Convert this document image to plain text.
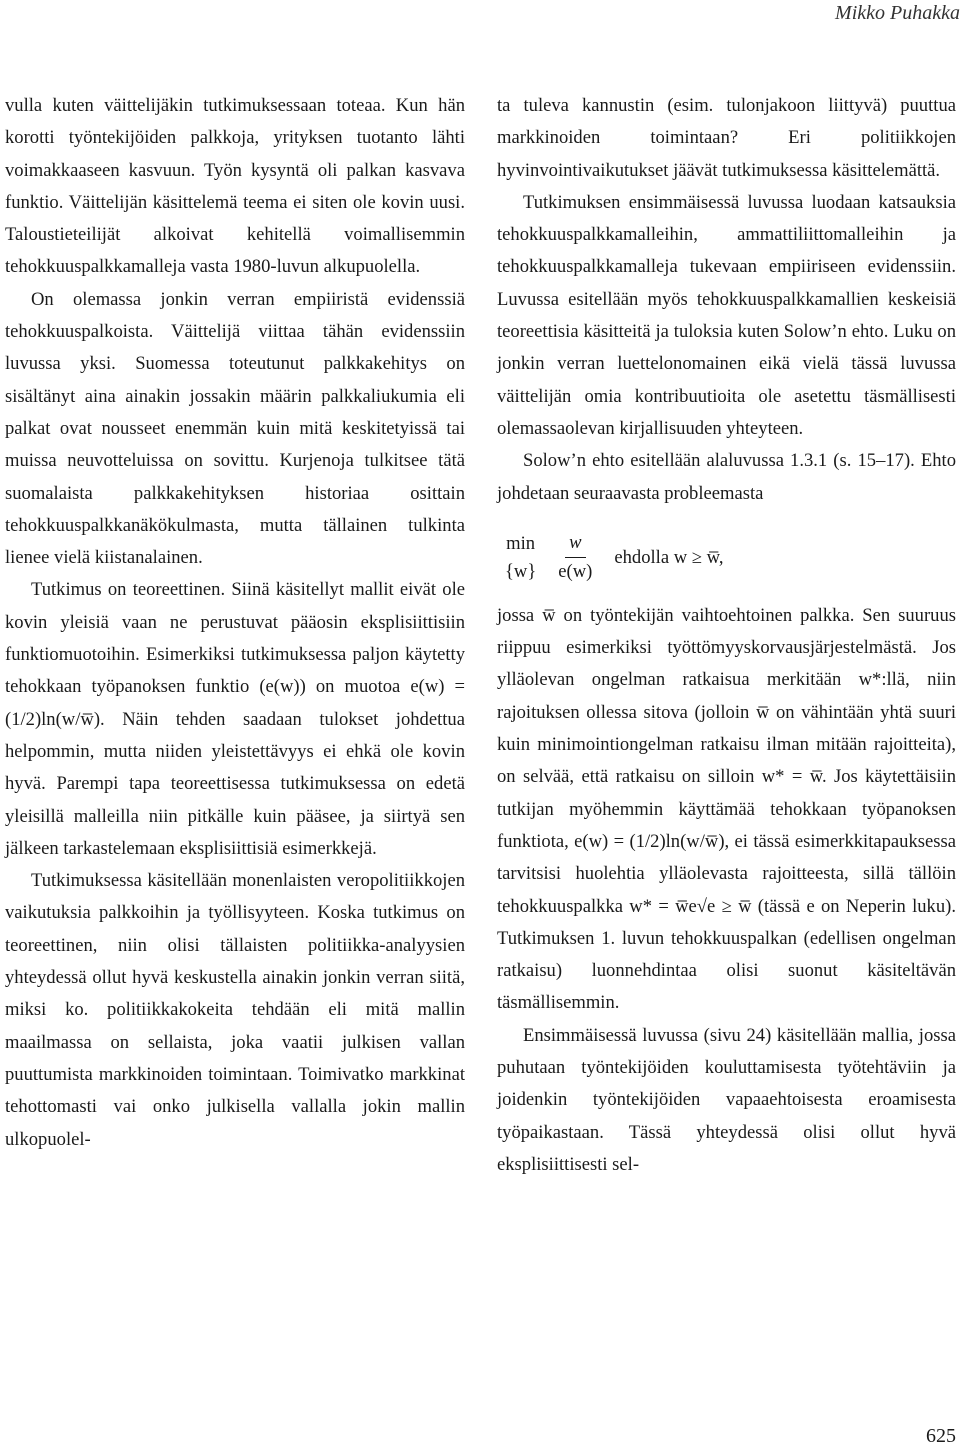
Mikko Puhakka

vulla kuten väittelijäkin tutkimuksessaan toteaa. Kun hän korotti työntekijöiden palkkoja, yrityksen tuotanto lähti voimakkaaseen kasvuun. Työn kysyntä oli palkan kasvava funktio. Väittelijän käsittelemä teema ei siten ole kovin uusi. Taloustieteilijät alkoivat kehitellä voimallisemmin tehokkuuspalkkamalleja vasta 1980-luvun alkupuolella.

On olemassa jonkin verran empiiristä evidenssiä tehokkuuspalkoista. Väittelijä viittaa tähän evidenssiin luvussa yksi. Suomessa toteutunut palkkakehitys on sisältänyt aina ainakin jossakin määrin palkkaliukumia eli palkat ovat nousseet enemmän kuin mitä keskitetyissä tai muissa neuvotteluissa on sovittu. Kurjenoja tulkitsee tätä suomalaista palkkakehityksen historiaa osittain tehokkuuspalkkanäkökulmasta, mutta tällainen tulkinta lienee vielä kiistanalainen.

Tutkimus on teoreettinen. Siinä käsitellyt mallit eivät ole kovin yleisiä vaan ne perustuvat pääosin eksplisiittisiin funktiomuotoihin. Esimerkiksi tutkimuksessa paljon käytetty tehokkaan työpanoksen funktio (e(w)) on muotoa e(w) = (1/2)ln(w/w̅). Näin tehden saadaan tulokset johdettua helpommin, mutta niiden yleistettävyys ei ehkä ole kovin hyvä. Parempi tapa teoreettisessa tutkimuksessa on edetä yleisillä malleilla niin pitkälle kuin pääsee, ja siirtyä sen jälkeen tarkastelemaan eksplisiittisiä esimerkkejä.

Tutkimuksessa käsitellään monenlaisten veropolitiikkojen vaikutuksia palkkoihin ja työllisyyteen. Koska tutkimus on teoreettinen, niin olisi tällaisten politiikka-analyysien yhteydessä ollut hyvä keskustella ainakin jonkin verran siitä, miksi ko. politiikkakokeita tehdään eli mitä mallin maailmassa on sellaista, joka vaatii julkisen vallan puuttumista markkinoiden toimintaan. Toimivatko markkinat tehottomasti vai onko julkisella vallalla jokin mallin ulkopuolel-

ta tuleva kannustin (esim. tulonjakoon liittyvä) puuttua markkinoiden toimintaan? Eri politiikkojen hyvinvointivaikutukset jäävät tutkimuksessa käsittelemättä.

Tutkimuksen ensimmäisessä luvussa luodaan katsauksia tehokkuuspalkkamalleihin, ammattiliittomalleihin ja tehokkuuspalkkamalleja tukevaan empiiriseen evidenssiin. Luvussa esitellään myös tehokkuuspalkkamallien keskeisiä teoreettisia käsitteitä ja tuloksia kuten Solow’n ehto. Luku on jonkin verran luettelonomainen eikä vielä tässä luvussa väittelijän omia kontribuutioita ole asetettu täsmällisesti olemassaolevan kirjallisuuden yhteyteen.

Solow’n ehto esitellään alaluvussa 1.3.1 (s. 15–17). Ehto johdetaan seuraavasta probleemasta

min
$\{w\} \frac{w}{e(w)}$ ehdolla w ≥ w̅,

jossa w̅ on työntekijän vaihtoehtoinen palkka. Sen suuruus riippuu esimerkiksi työttömyyskorvausjärjestelmästä. Jos ylläolevan ongelman ratkaisua merkitään w*:llä, niin rajoituksen ollessa sitova (jolloin w̅ on vähintään yhtä suuri kuin minimointiongelman ratkaisu ilman mitään rajoitteita), on selvää, että ratkaisu on silloin w* = w̅. Jos käytettäisiin tutkijan myöhemmin käyttämää tehokkaan työpanoksen funktiota, e(w) = (1/2)ln(w/w̅), ei tässä esimerkkitapauksessa tarvitsisi huolehtia ylläolevasta rajoitteesta, sillä tällöin tehokkuuspalkka w* = w̅e√e ≥ w̅ (tässä e on Neperin luku). Tutkimuksen 1. luvun tehokkuuspalkan (edellisen ongelman ratkaisu) luonnehdintaa olisi suonut käsiteltävän täsmällisemmin.

Ensimmäisessä luvussa (sivu 24) käsitellään mallia, jossa puhutaan työntekijöiden kouluttamisesta työtehtäviin ja joidenkin työntekijöiden vapaaehtoisesta eroamisesta työpaikastaan. Tässä yhteydessä olisi ollut hyvä eksplisiittisesti sel-

625
